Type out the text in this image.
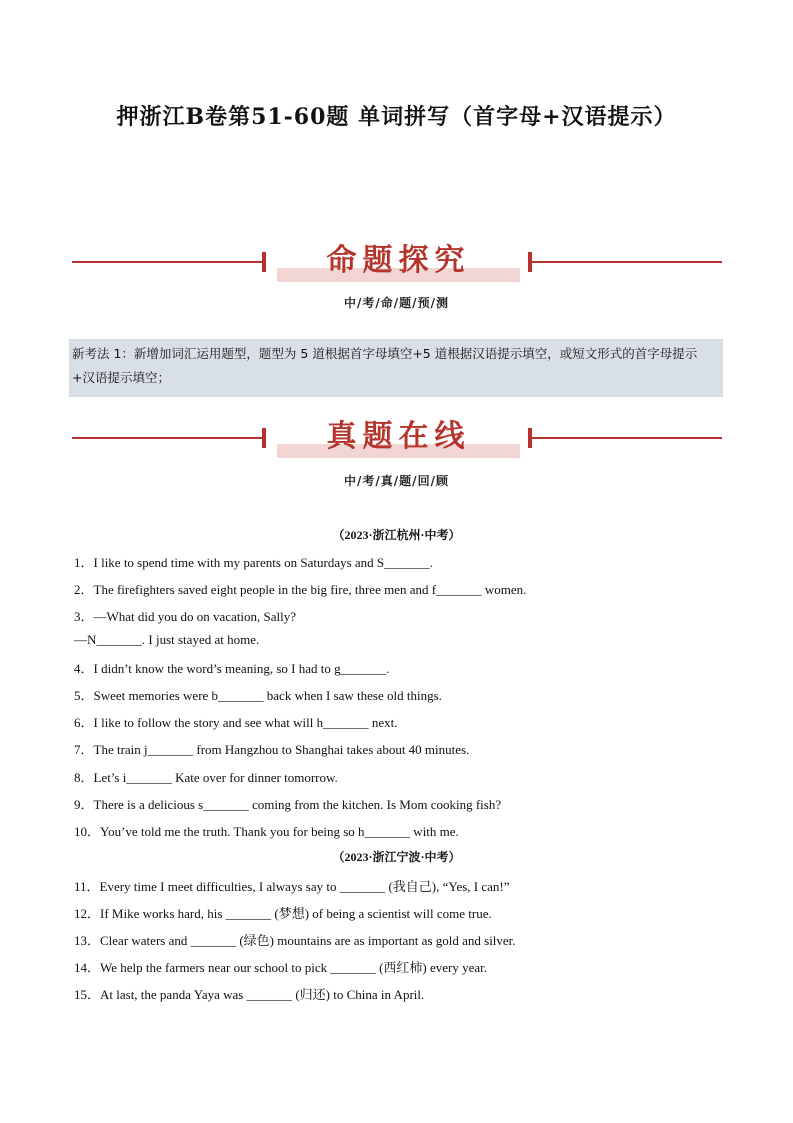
押浙江B卷第51-60题 单词拼写（首字母+汉语提示）
命题探究
中/考/命/题/预/测
新考法 1：新增加词汇运用题型，题型为 5 道根据首字母填空+5 道根据汉语提示填空，或短文形式的首字母提示+汉语提示填空；
真题在线
中/考/真/题/回/顾
（2023·浙江杭州·中考）
1．I like to spend time with my parents on Saturdays and S_______.
2．The firefighters saved eight people in the big fire, three men and f_______ women.
3．—What did you do on vacation, Sally?
—N_______. I just stayed at home.
4．I didn’t know the word’s meaning, so I had to g_______.
5．Sweet memories were b_______ back when I saw these old things.
6．I like to follow the story and see what will h_______ next.
7．The train j_______ from Hangzhou to Shanghai takes about 40 minutes.
8．Let’s i_______ Kate over for dinner tomorrow.
9．There is a delicious s_______ coming from the kitchen. Is Mom cooking fish?
10．You’ve told me the truth. Thank you for being so h_______ with me.
（2023·浙江宁波·中考）
11．Every time I meet difficulties, I always say to _______ (我自己), “Yes, I can!”
12．If Mike works hard, his _______ (梦想) of being a scientist will come true.
13．Clear waters and _______ (绿色) mountains are as important as gold and silver.
14．We help the farmers near our school to pick _______ (西红柿) every year.
15．At last, the panda Yaya was _______ (归还) to China in April.
